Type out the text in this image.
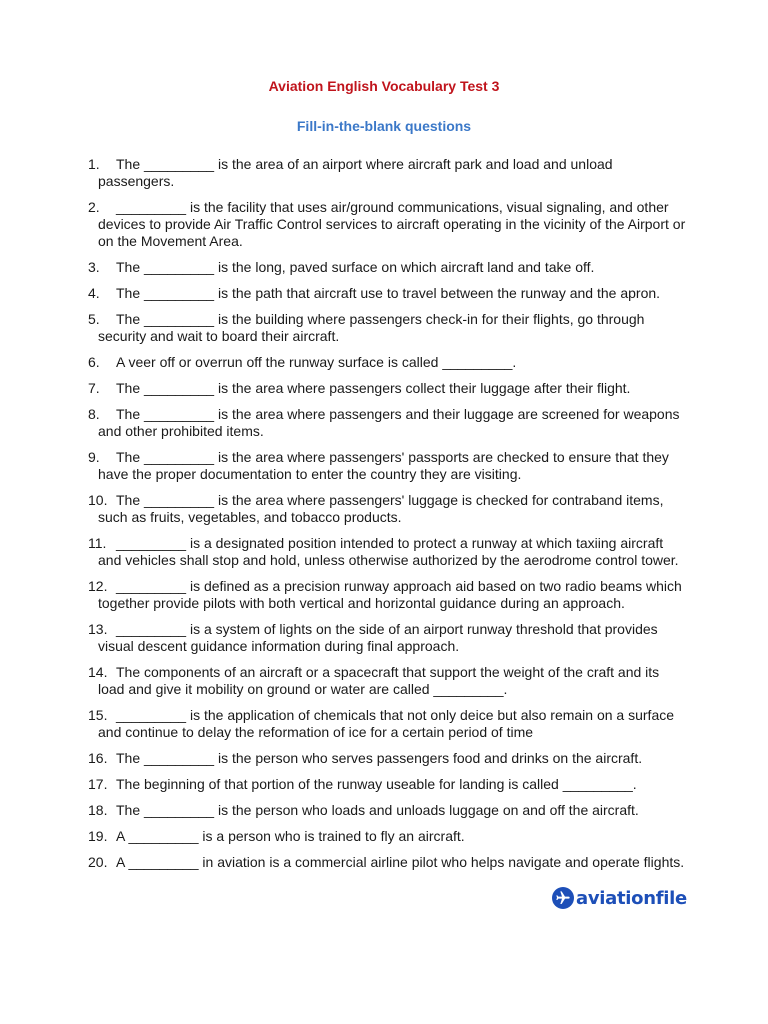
Aviation English Vocabulary Test 3
Fill-in-the-blank questions
1. The _________ is the area of an airport where aircraft park and load and unload passengers.
2. _________ is the facility that uses air/ground communications, visual signaling, and other devices to provide Air Traffic Control services to aircraft operating in the vicinity of the Airport or on the Movement Area.
3. The _________ is the long, paved surface on which aircraft land and take off.
4. The _________ is the path that aircraft use to travel between the runway and the apron.
5. The _________ is the building where passengers check-in for their flights, go through security and wait to board their aircraft.
6. A veer off or overrun off the runway surface is called _________.
7. The _________ is the area where passengers collect their luggage after their flight.
8. The _________ is the area where passengers and their luggage are screened for weapons and other prohibited items.
9. The _________ is the area where passengers' passports are checked to ensure that they have the proper documentation to enter the country they are visiting.
10. The _________ is the area where passengers' luggage is checked for contraband items, such as fruits, vegetables, and tobacco products.
11. _________ is a designated position intended to protect a runway at which taxiing aircraft and vehicles shall stop and hold, unless otherwise authorized by the aerodrome control tower.
12. _________ is defined as a precision runway approach aid based on two radio beams which together provide pilots with both vertical and horizontal guidance during an approach.
13. _________ is a system of lights on the side of an airport runway threshold that provides visual descent guidance information during final approach.
14. The components of an aircraft or a spacecraft that support the weight of the craft and its load and give it mobility on ground or water are called _________.
15. _________ is the application of chemicals that not only deice but also remain on a surface and continue to delay the reformation of ice for a certain period of time
16. The _________ is the person who serves passengers food and drinks on the aircraft.
17. The beginning of that portion of the runway useable for landing is called _________.
18. The _________ is the person who loads and unloads luggage on and off the aircraft.
19. A _________ is a person who is trained to fly an aircraft.
20. A _________ in aviation is a commercial airline pilot who helps navigate and operate flights.
aviationfile
